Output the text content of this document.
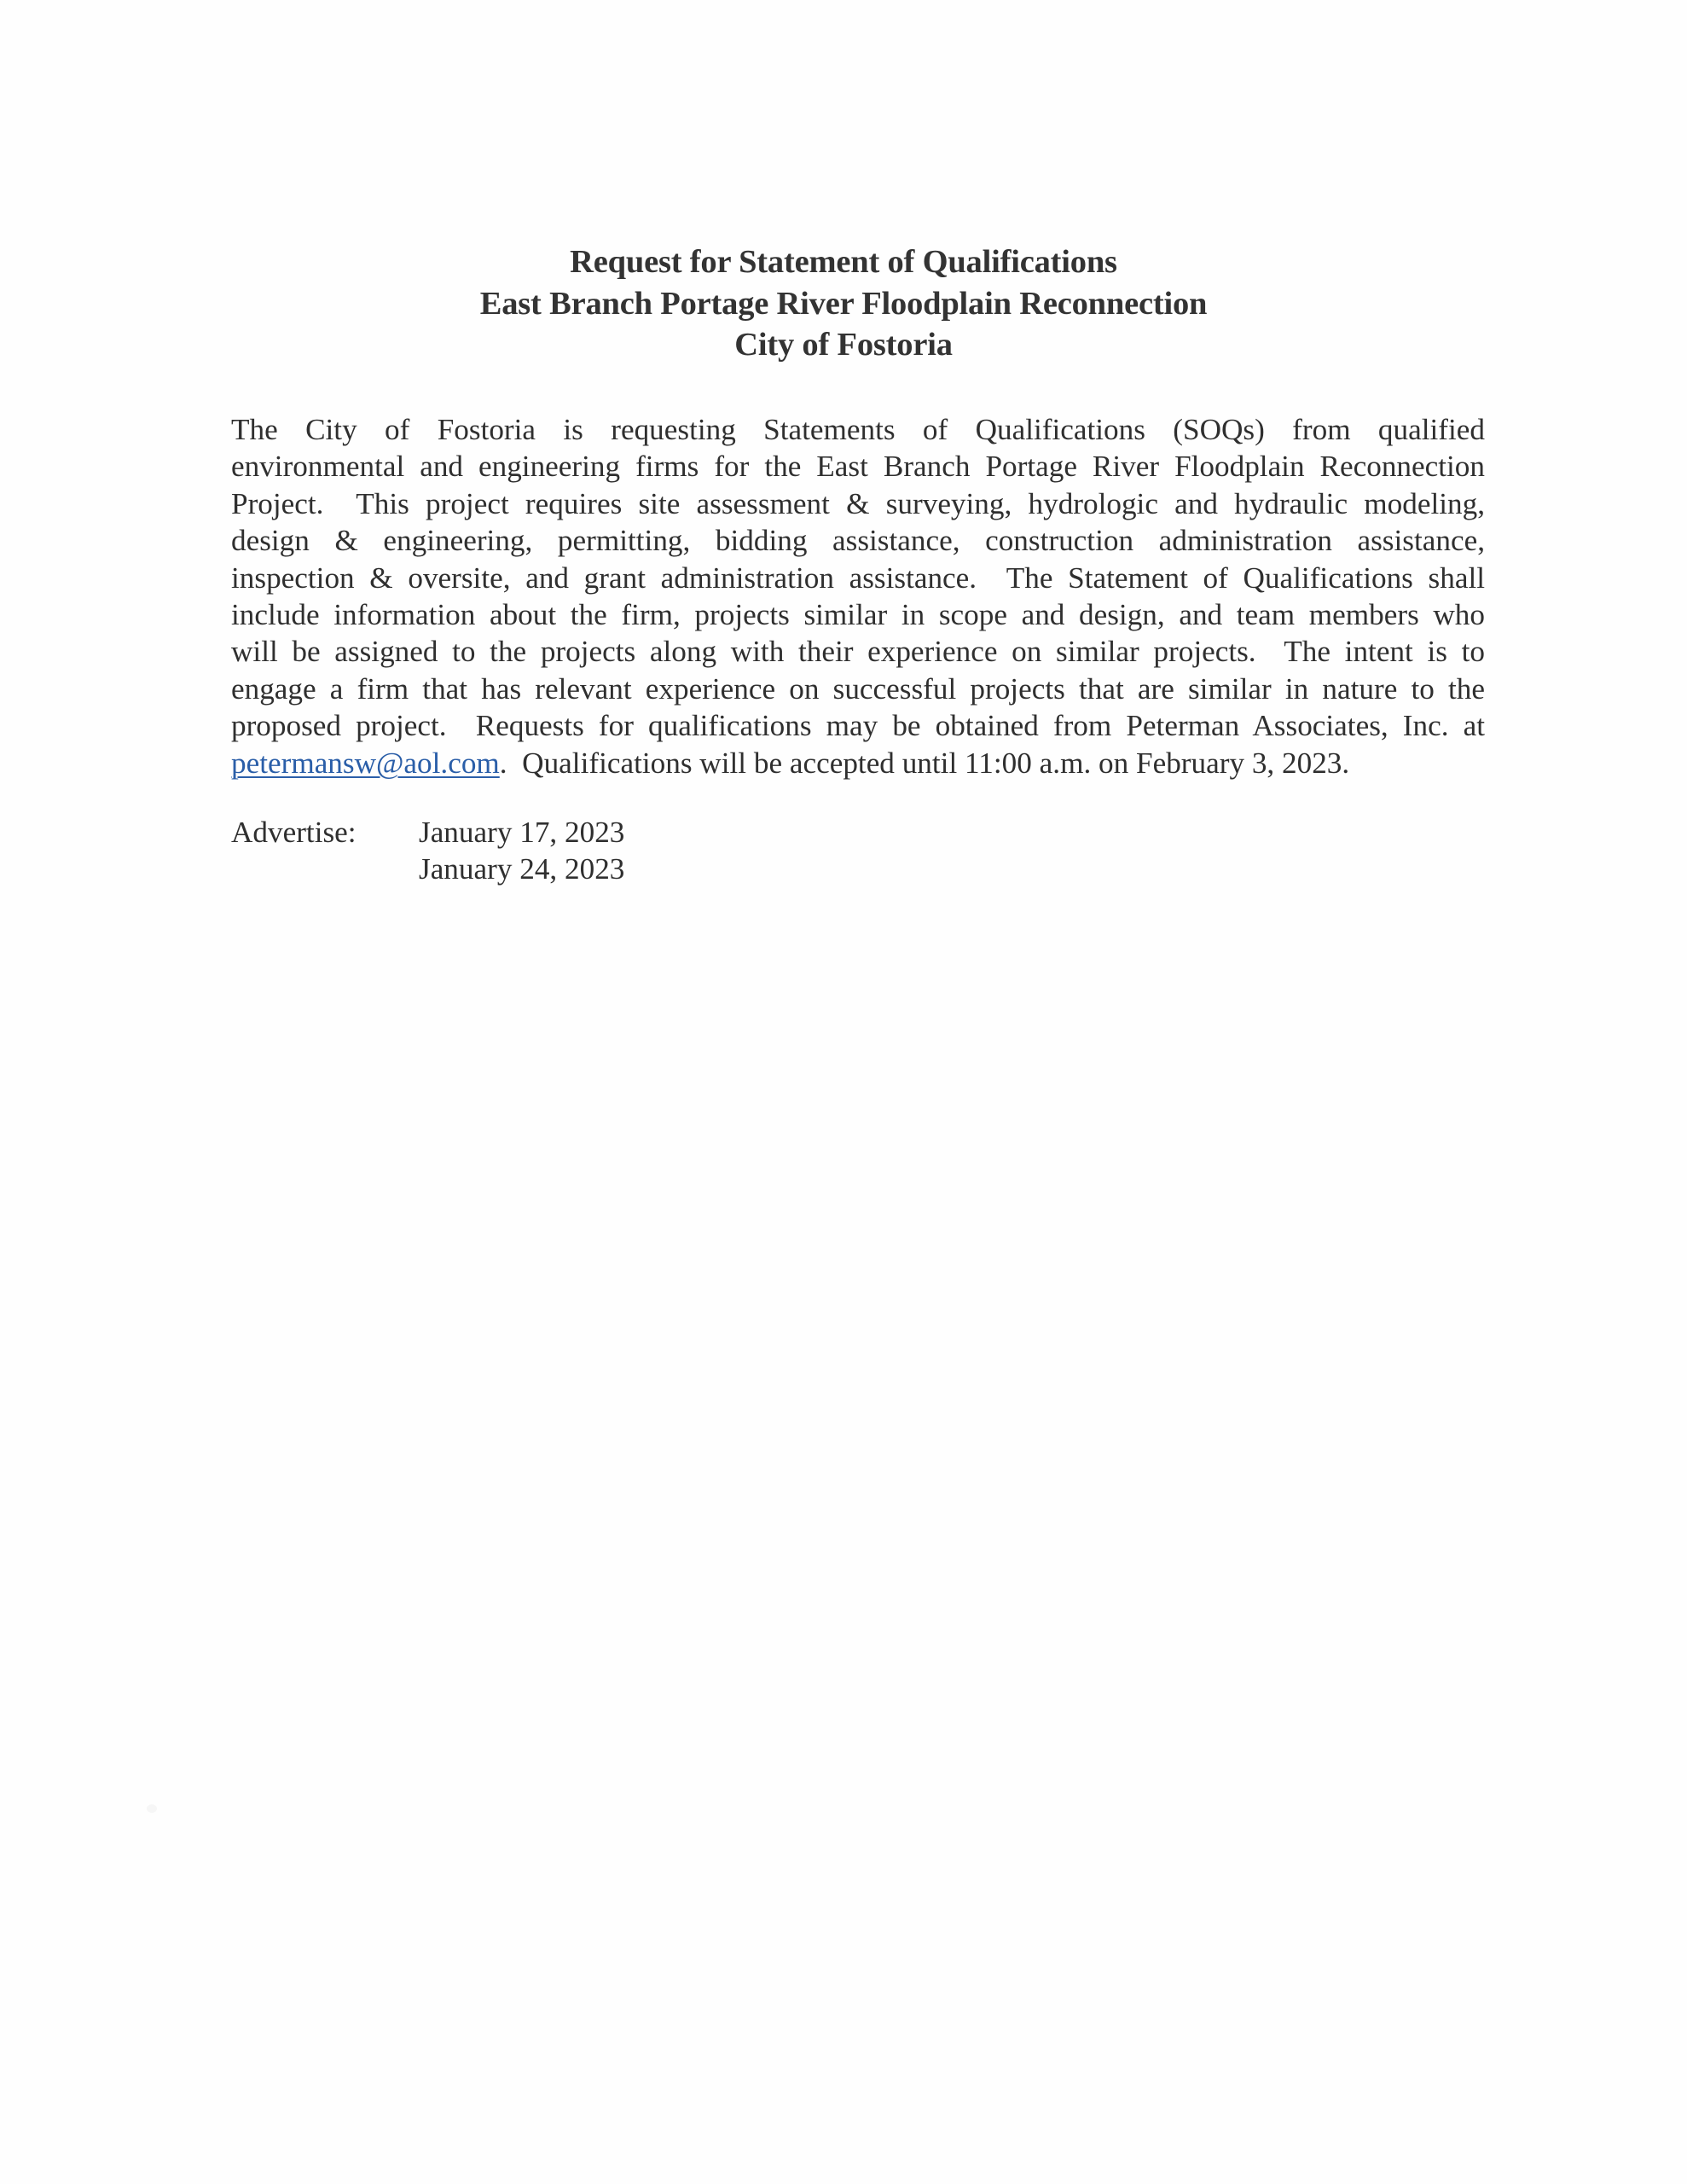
Request for Statement of Qualifications
East Branch Portage River Floodplain Reconnection
City of Fostoria
The City of Fostoria is requesting Statements of Qualifications (SOQs) from qualified
environmental and engineering firms for the East Branch Portage River Floodplain Reconnection
Project.  This project requires site assessment & surveying, hydrologic and hydraulic modeling,
design & engineering, permitting, bidding assistance, construction administration assistance,
inspection & oversite, and grant administration assistance.  The Statement of Qualifications shall
include information about the firm, projects similar in scope and design, and team members who
will be assigned to the projects along with their experience on similar projects.  The intent is to
engage a firm that has relevant experience on successful projects that are similar in nature to the
proposed project.  Requests for qualifications may be obtained from Peterman Associates, Inc. at
petermansw@aol.com.  Qualifications will be accepted until 11:00 a.m. on February 3, 2023.
Advertise:	January 17, 2023
January 24, 2023
